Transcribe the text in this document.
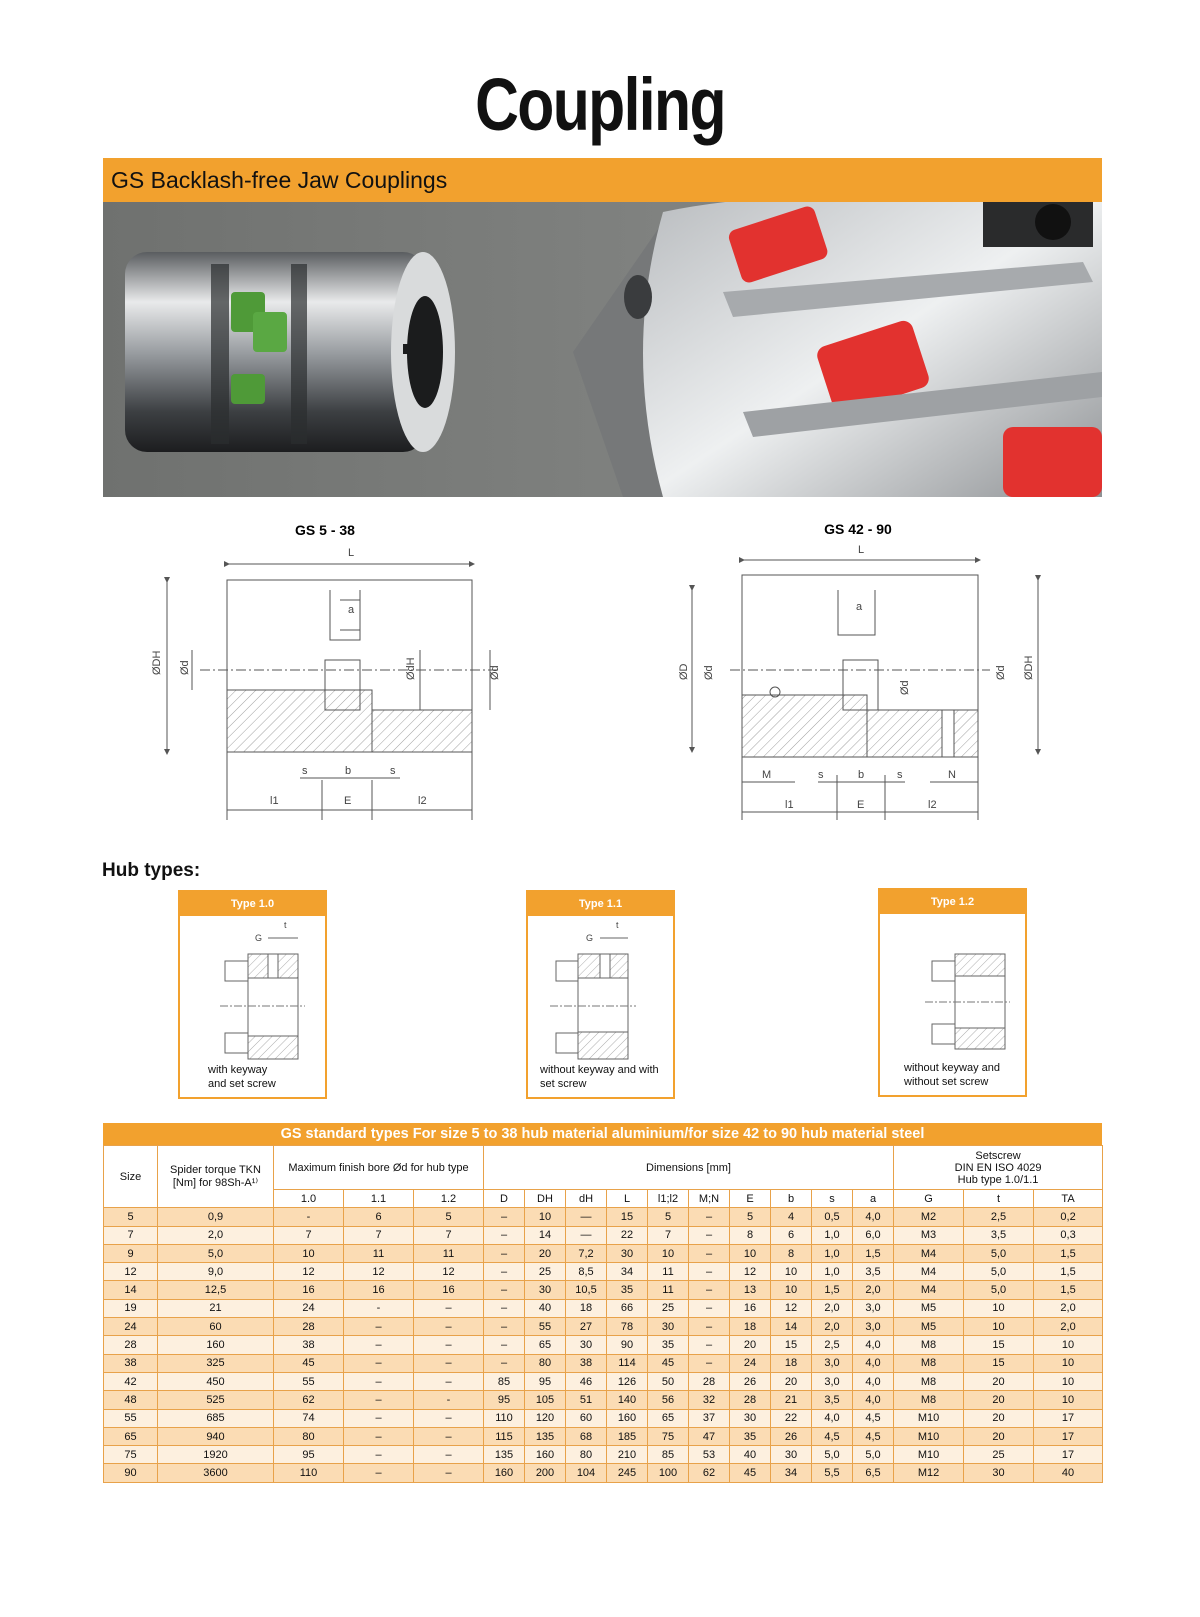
Coupling
GS Backlash-free Jaw Couplings
GS 5 - 38	GS 42 - 90
L
a
ØDH Ød	ØdH	Ød
s	b	s
l1	E	l2
L
a
ØD Ød
Ød
Ød ØDH
M	s	b	s	N
l1	E	l2
Hub types:
Type 1.0
G
t
with keyway
and set screw
Type 1.1
G
t
without keyway and with
set screw
Type 1.2
without keyway and
without set screw
GS standard types For size 5 to 38 hub material aluminium/for size 42 to 90 hub material steel
Size	Spider torque TKN [Nm] for 98Sh-A¹⁾	Maximum finish bore Ød for hub type			Dimensions [mm]										Setscrew
DIN EN ISO 4029
Hub type 1.0/1.1		

		1.0	1.1	1.2	D	DH	dH	L	l1;l2	M;N	E	b	s	a	G	t	TA
5	0,9	-	6	5	–	10	—	15	5	–	5	4	0,5	4,0	M2	2,5	0,2
7	2,0	7	7	7	–	14	—	22	7	–	8	6	1,0	6,0	M3	3,5	0,3
9	5,0	10	11	11	–	20	7,2	30	10	–	10	8	1,0	1,5	M4	5,0	1,5
12	9,0	12	12	12	–	25	8,5	34	11	–	12	10	1,0	3,5	M4	5,0	1,5
14	12,5	16	16	16	–	30	10,5	35	11	–	13	10	1,5	2,0	M4	5,0	1,5
19	21	24	-	–	–	40	18	66	25	–	16	12	2,0	3,0	M5	10	2,0
24	60	28	–	–	–	55	27	78	30	–	18	14	2,0	3,0	M5	10	2,0
28	160	38	–	–	–	65	30	90	35	–	20	15	2,5	4,0	M8	15	10
38	325	45	–	–	–	80	38	114	45	–	24	18	3,0	4,0	M8	15	10
42	450	55	–	–	85	95	46	126	50	28	26	20	3,0	4,0	M8	20	10
48	525	62	–	-	95	105	51	140	56	32	28	21	3,5	4,0	M8	20	10
55	685	74	–	–	110	120	60	160	65	37	30	22	4,0	4,5	M10	20	17
65	940	80	–	–	115	135	68	185	75	47	35	26	4,5	4,5	M10	20	17
75	1920	95	–	–	135	160	80	210	85	53	40	30	5,0	5,0	M10	25	17
90	3600	110	–	–	160	200	104	245	100	62	45	34	5,5	6,5	M12	30	40
